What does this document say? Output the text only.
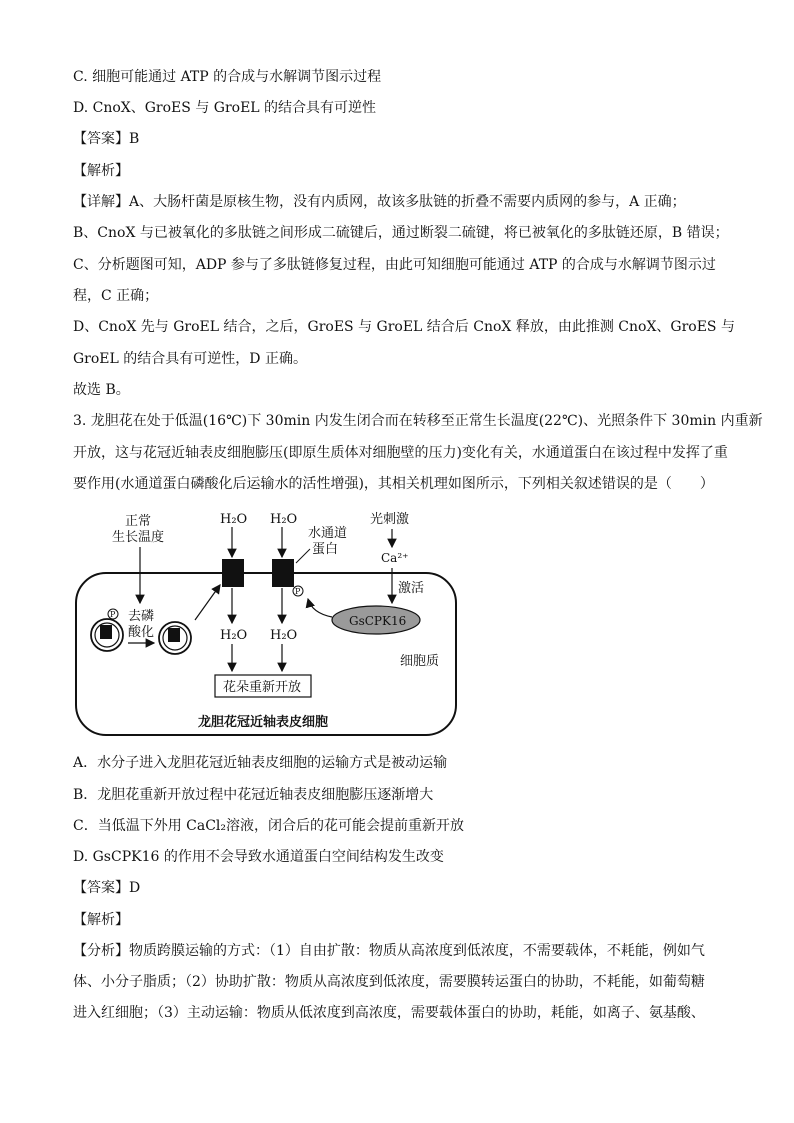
C. 细胞可能通过 ATP 的合成与水解调节图示过程
D. CnoX、GroES 与 GroEL 的结合具有可逆性
【答案】B
【解析】
【详解】A、大肠杆菌是原核生物，没有内质网，故该多肽链的折叠不需要内质网的参与，A 正确；
B、CnoX 与已被氧化的多肽链之间形成二硫键后，通过断裂二硫键，将已被氧化的多肽链还原，B 错误；
C、分析题图可知，ADP 参与了多肽链修复过程，由此可知细胞可能通过 ATP 的合成与水解调节图示过
程，C 正确；
D、CnoX 先与 GroEL 结合，之后，GroES 与 GroEL 结合后 CnoX 释放，由此推测 CnoX、GroES 与
GroEL 的结合具有可逆性，D 正确。
故选 B。
3. 龙胆花在处于低温(16℃)下 30min 内发生闭合而在转移至正常生长温度(22℃)、光照条件下 30min 内重新
开放，这与花冠近轴表皮细胞膨压(即原生质体对细胞壁的压力)变化有关，水通道蛋白在该过程中发挥了重
要作用(水通道蛋白磷酸化后运输水的活性增强)，其相关机理如图所示，下列相关叙述错误的是（　　）
正常
生长温度
P 去磷
酸化
H₂O
H₂O
H₂O
P
H₂O
水通道
蛋白
光刺激
Ca²⁺
激活
GsCPK16
细胞质
花朵重新开放
龙胆花冠近轴表皮细胞
A．水分子进入龙胆花冠近轴表皮细胞的运输方式是被动运输
B．龙胆花重新开放过程中花冠近轴表皮细胞膨压逐渐增大
C．当低温下外用 CaCl₂溶液，闭合后的花可能会提前重新开放
D. GsCPK16 的作用不会导致水通道蛋白空间结构发生改变
【答案】D
【解析】
【分析】物质跨膜运输的方式：（1）自由扩散：物质从高浓度到低浓度，不需要载体，不耗能，例如气
体、小分子脂质；（2）协助扩散：物质从高浓度到低浓度，需要膜转运蛋白的协助，不耗能，如葡萄糖
进入红细胞；（3）主动运输：物质从低浓度到高浓度，需要载体蛋白的协助，耗能，如离子、氨基酸、
